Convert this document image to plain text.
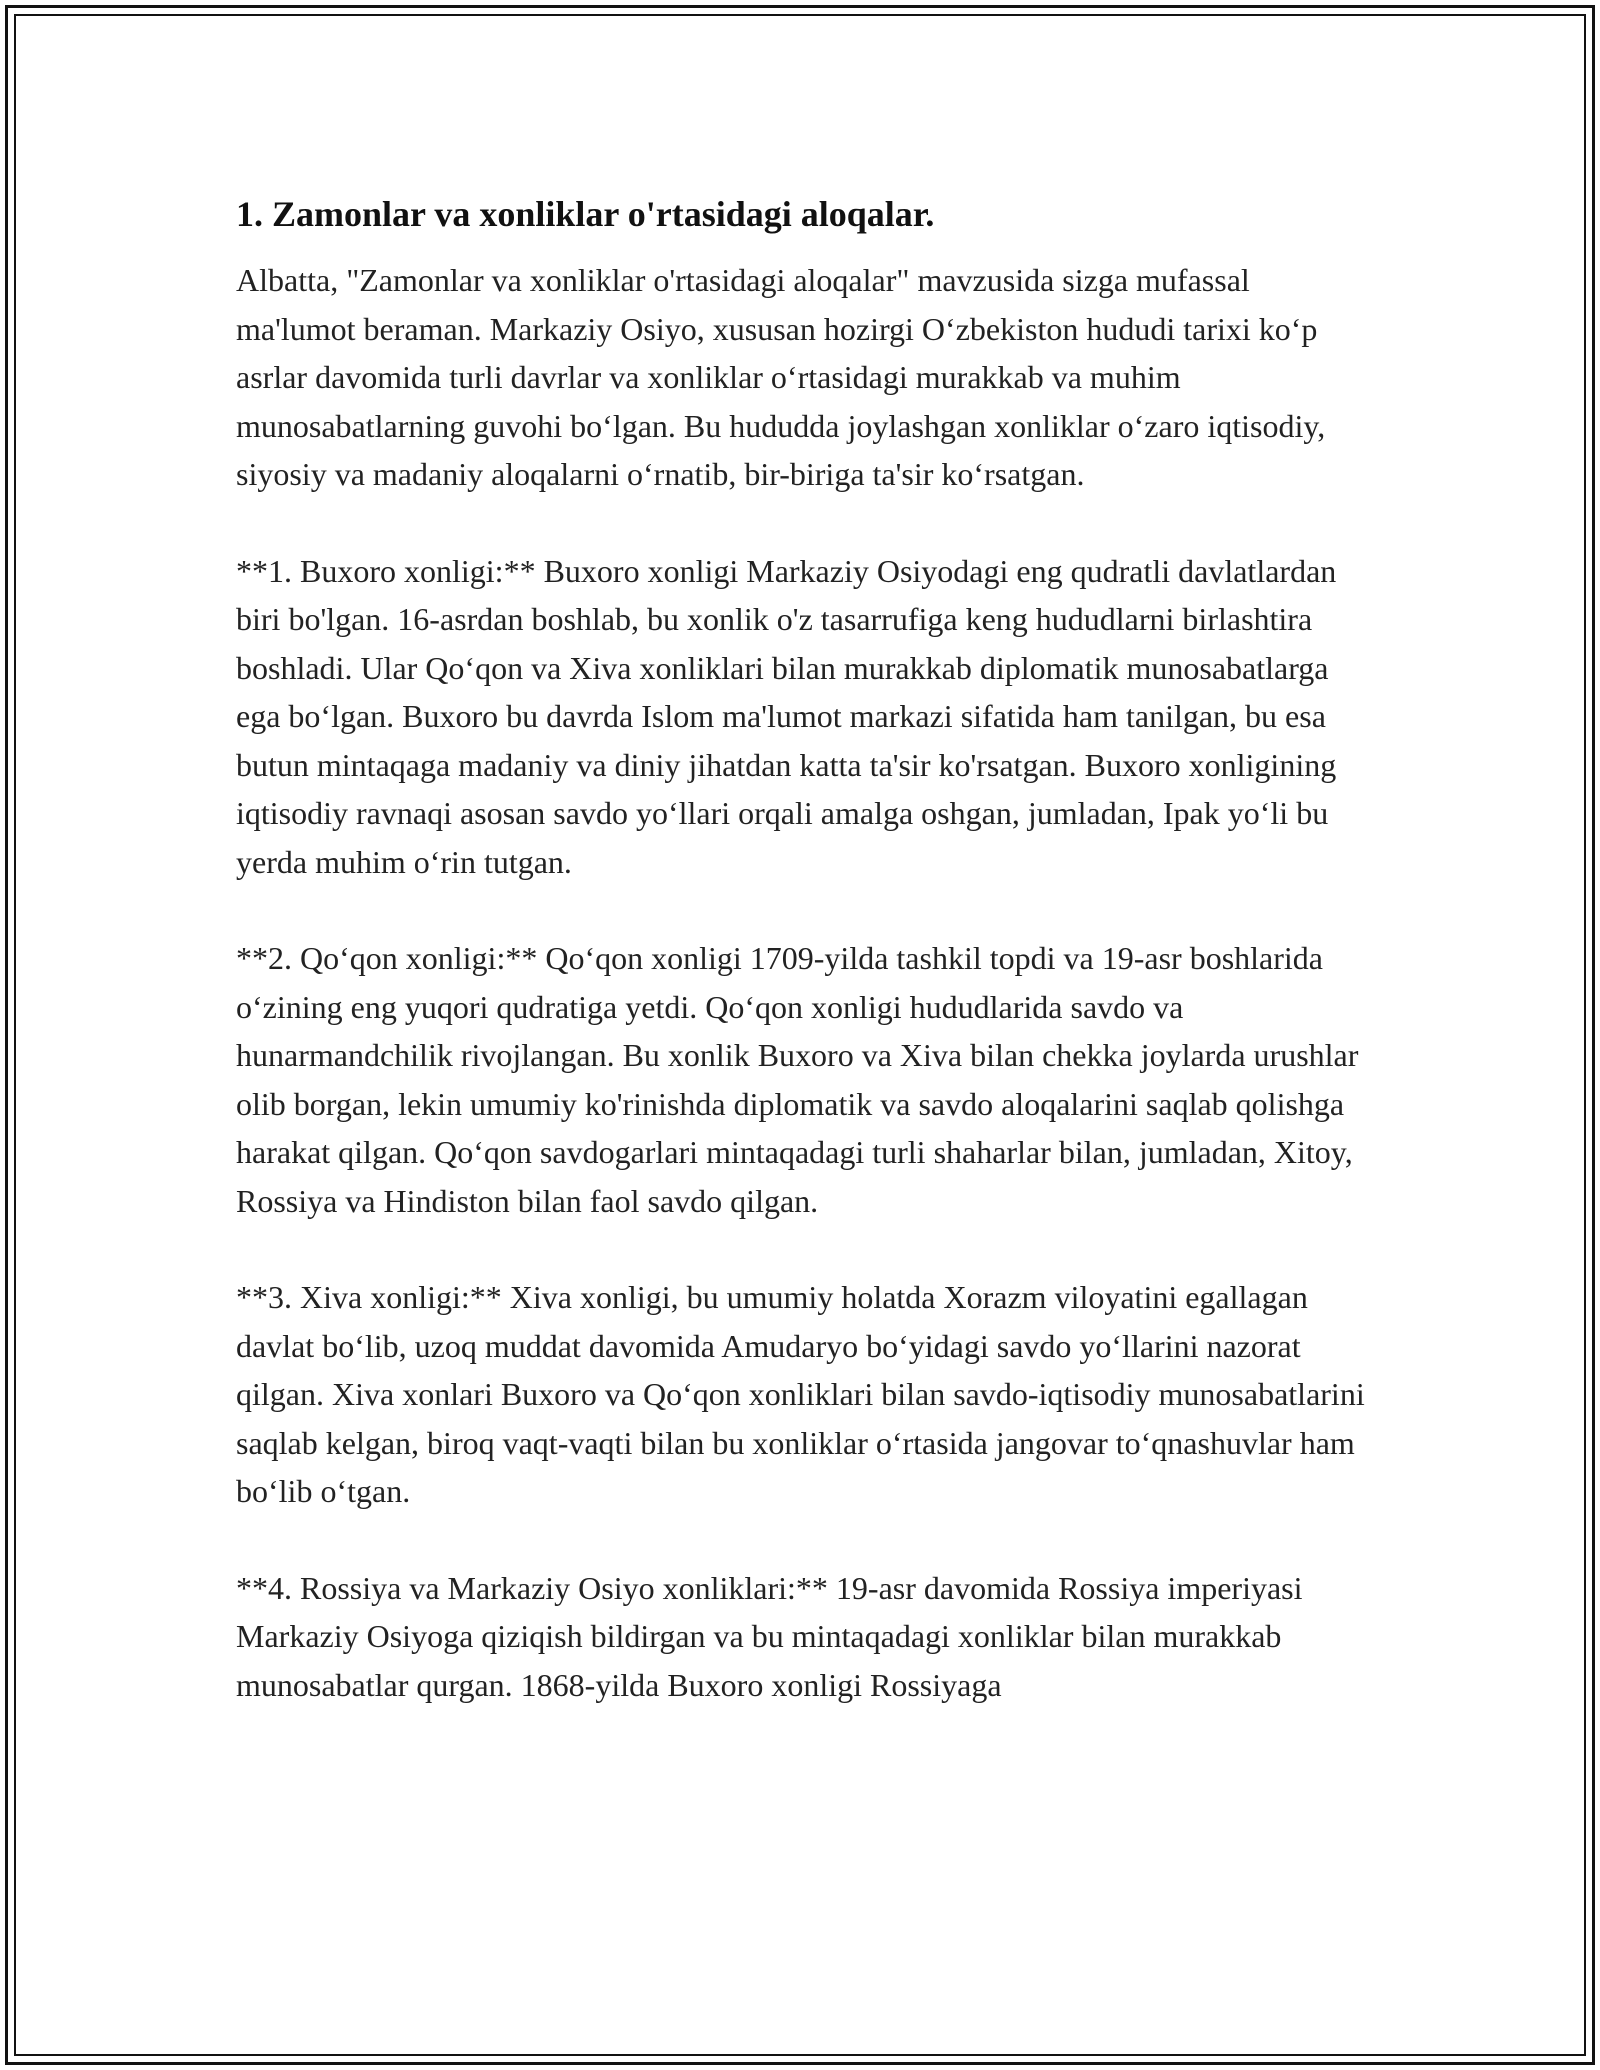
1. Zamonlar va xonliklar o'rtasidagi aloqalar.

Albatta, "Zamonlar va xonliklar o'rtasidagi aloqalar" mavzusida sizga mufassal ma'lumot beraman. Markaziy Osiyo, xususan hozirgi O‘zbekiston hududi tarixi ko‘p asrlar davomida turli davrlar va xonliklar o‘rtasidagi murakkab va muhim munosabatlarning guvohi bo‘lgan. Bu hududda joylashgan xonliklar o‘zaro iqtisodiy, siyosiy va madaniy aloqalarni o‘rnatib, bir-biriga ta'sir ko‘rsatgan.

**1. Buxoro xonligi:** Buxoro xonligi Markaziy Osiyodagi eng qudratli davlatlardan biri bo'lgan. 16-asrdan boshlab, bu xonlik o'z tasarrufiga keng hududlarni birlashtira boshladi. Ular Qo‘qon va Xiva xonliklari bilan murakkab diplomatik munosabatlarga ega bo‘lgan. Buxoro bu davrda Islom ma'lumot markazi sifatida ham tanilgan, bu esa butun mintaqaga madaniy va diniy jihatdan katta ta'sir ko'rsatgan. Buxoro xonligining iqtisodiy ravnaqi asosan savdo yo‘llari orqali amalga oshgan, jumladan, Ipak yo‘li bu yerda muhim o‘rin tutgan.

**2. Qo‘qon xonligi:** Qo‘qon xonligi 1709-yilda tashkil topdi va 19-asr boshlarida o‘zining eng yuqori qudratiga yetdi. Qo‘qon xonligi hududlarida savdo va hunarmandchilik rivojlangan. Bu xonlik Buxoro va Xiva bilan chekka joylarda urushlar olib borgan, lekin umumiy ko'rinishda diplomatik va savdo aloqalarini saqlab qolishga harakat qilgan. Qo‘qon savdogarlari mintaqadagi turli shaharlar bilan, jumladan, Xitoy, Rossiya va Hindiston bilan faol savdo qilgan.

**3. Xiva xonligi:** Xiva xonligi, bu umumiy holatda Xorazm viloyatini egallagan davlat bo‘lib, uzoq muddat davomida Amudaryo bo‘yidagi savdo yo‘llarini nazorat qilgan. Xiva xonlari Buxoro va Qo‘qon xonliklari bilan savdo-iqtisodiy munosabatlarini saqlab kelgan, biroq vaqt-vaqti bilan bu xonliklar o‘rtasida jangovar to‘qnashuvlar ham bo‘lib o‘tgan.

**4. Rossiya va Markaziy Osiyo xonliklari:** 19-asr davomida Rossiya imperiyasi Markaziy Osiyoga qiziqish bildirgan va bu mintaqadagi xonliklar bilan murakkab munosabatlar qurgan. 1868-yilda Buxoro xonligi Rossiyaga
